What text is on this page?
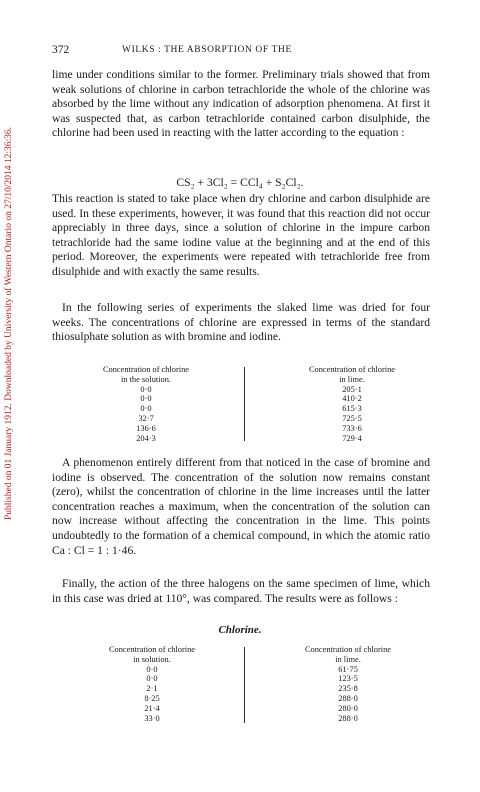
Published on 01 January 1912. Downloaded by University of Western Ontario on 27/10/2014 12:36:36.
372	WILKS : THE ABSORPTION OF THE

lime under conditions similar to the former. Preliminary trials showed that from weak solutions of chlorine in carbon tetrachloride the whole of the chlorine was absorbed by the lime without any indication of adsorption phenomena. At first it was suspected that, as carbon tetrachloride contained carbon disulphide, the chlorine had been used in reacting with the latter according to the equation :

CS₂ + 3Cl₂ = CCl₄ + S₂Cl₂.

This reaction is stated to take place when dry chlorine and carbon disulphide are used. In these experiments, however, it was found that this reaction did not occur appreciably in three days, since a solution of chlorine in the impure carbon tetrachloride had the same iodine value at the beginning and at the end of this period. Moreover, the experiments were repeated with tetrachloride free from disulphide and with exactly the same results.

In the following series of experiments the slaked lime was dried for four weeks. The concentrations of chlorine are expressed in terms of the standard thiosulphate solution as with bromine and iodine.

Concentration of chlorine
in the solution.
0·0
0·0
0·0
32·7
136·6
204·3
Concentration of chlorine
in lime.
205·1
410·2
615·3
725·5
733·6
729·4

A phenomenon entirely different from that noticed in the case of bromine and iodine is observed. The concentration of the solution now remains constant (zero), whilst the concentration of chlorine in the lime increases until the latter concentration reaches a maximum, when the concentration of the solution can now increase without affecting the concentration in the lime. This points undoubtedly to the formation of a chemical compound, in which the atomic ratio Ca : Cl = 1 : 1·46.

Finally, the action of the three halogens on the same specimen of lime, which in this case was dried at 110°, was compared. The results were as follows :

Chlorine.
Concentration of chlorine
in solution.
0·0
0·0
2·1
8·25
21·4
33·0
Concentration of chlorine
in lime.
61·75
123·5
235·8
288·0
280·0
288·0
